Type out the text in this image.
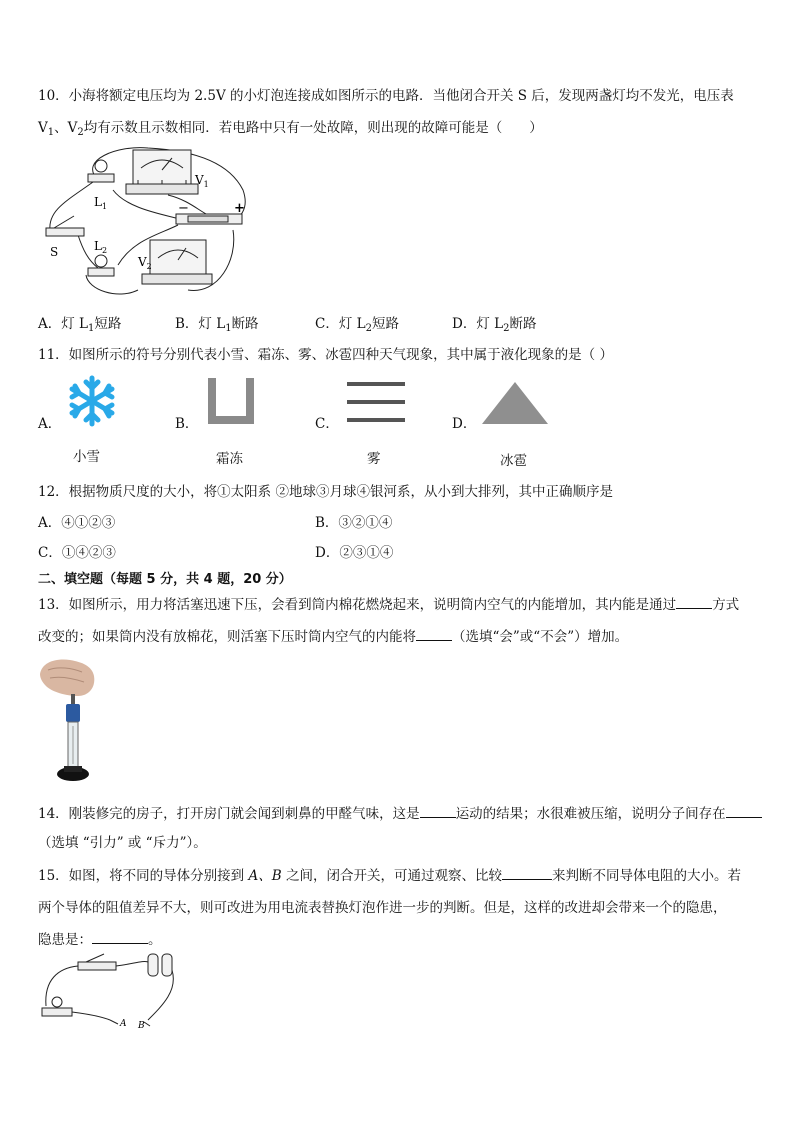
10．小海将额定电压均为 2.5V 的小灯泡连接成如图所示的电路．当他闭合开关 S 后，发现两盏灯均不发光，电压表
$V_1$、$V_2$均有示数且示数相同．若电路中只有一处故障，则出现的故障可能是（　　）
$L_1$
$L_2$
S
$V_1$
$V_2$
+
−
A．灯 $L_1$短路	B．灯 $L_1$断路	C．灯 $L_2$短路	D．灯 $L_2$断路
11．如图所示的符号分别代表小雪、霜冻、雾、冰雹四种天气现象，其中属于液化现象的是（ ）
A．
小雪
B．
霜冻
C．
雾
D．
冰雹
12．根据物质尺度的大小，将①太阳系 ②地球③月球④银河系，从小到大排列，其中正确顺序是
A．④①②③	B．③②①④
C．①④②③	D．②③①④
二、填空题（每题 5 分，共 4 题，20 分）
13．如图所示，用力将活塞迅速下压，会看到筒内棉花燃烧起来，说明筒内空气的内能增加，其内能是通过	方式
改变的；如果筒内没有放棉花，则活塞下压时筒内空气的内能将	（选填“会”或“不会”）增加。
14．刚装修完的房子，打开房门就会闻到刺鼻的甲醛气味，这是	运动的结果；水很难被压缩，说明分子间存在
（选填 “引力” 或 “斥力”）。
15．如图，将不同的导体分别接到 A、B 之间，闭合开关，可通过观察、比较	来判断不同导体电阻的大小。若
两个导体的阻值差异不大，则可改进为用电流表替换灯泡作进一步的判断。但是，这样的改进却会带来一个的隐患，
隐患是：	。
A B
